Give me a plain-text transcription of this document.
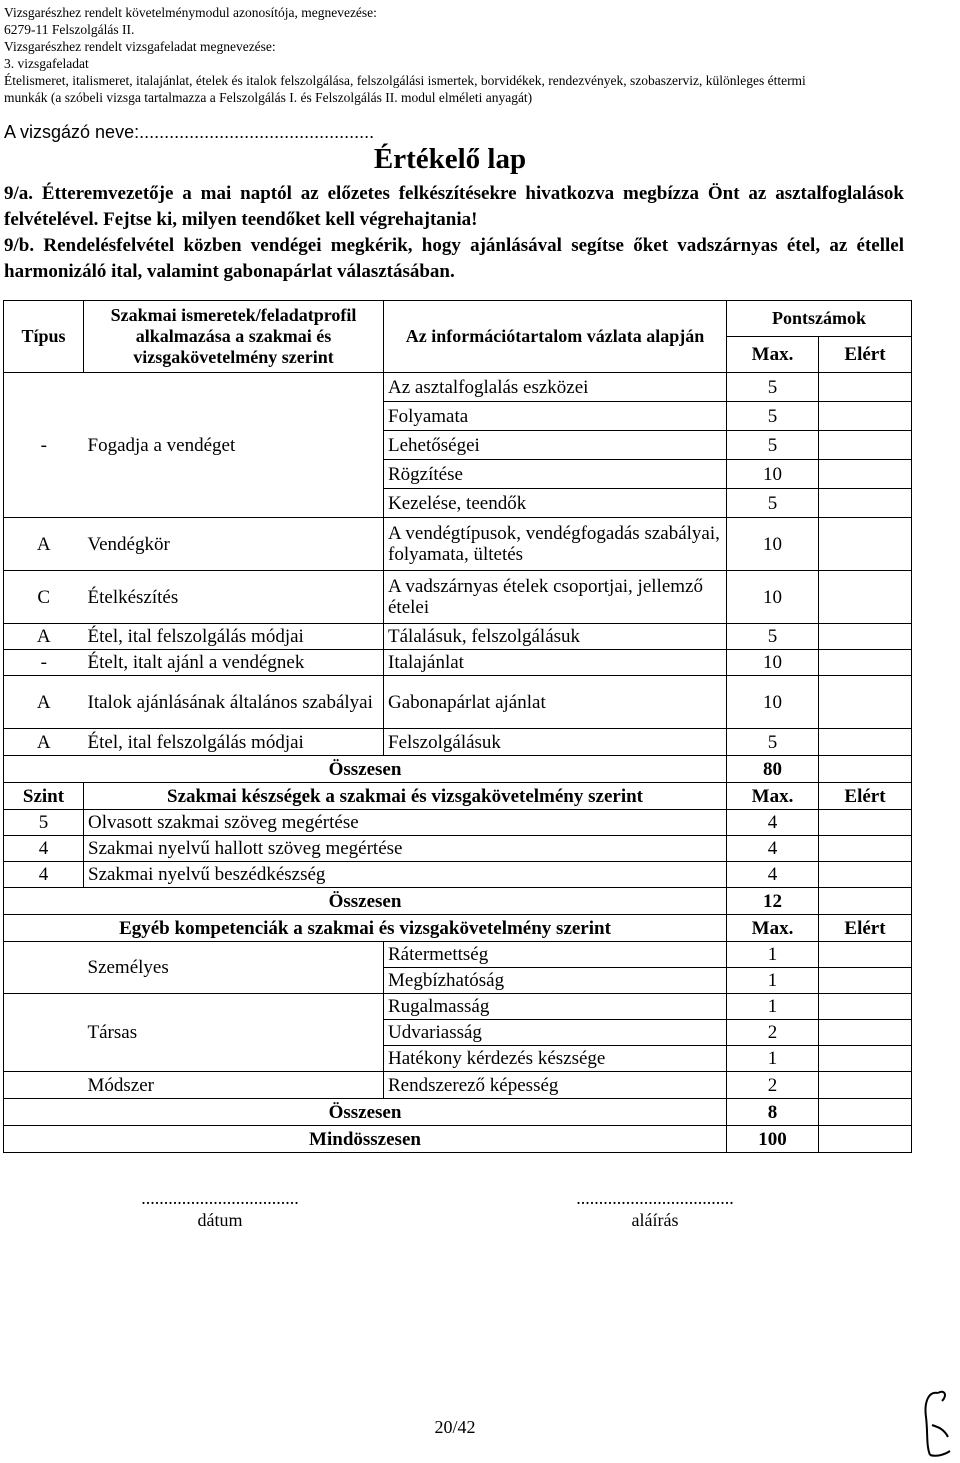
Vizsgarészhez rendelt követelménymodul azonosítója, megnevezése:
6279-11 Felszolgálás II.
Vizsgarészhez rendelt vizsgafeladat megnevezése:
3. vizsgafeladat
Ételismeret, italismeret, italajánlat, ételek és italok felszolgálása, felszolgálási ismertek, borvidékek, rendezvények, szobaszerviz, különleges éttermi
munkák (a szóbeli vizsga tartalmazza a Felszolgálás I. és Felszolgálás II. modul elméleti anyagát)
A vizsgázó neve:...............................................
Értékelő lap
9/a. Étteremvezetője a mai naptól az előzetes felkészítésekre hivatkozva megbízza Önt az asztalfoglalások felvételével. Fejtse ki, milyen teendőket kell végrehajtania!
9/b. Rendelésfelvétel közben vendégei megkérik, hogy ajánlásával segítse őket vadszárnyas étel, az étellel harmonizáló ital, valamint gabonapárlat választásában.
Típus	Szakmai ismeretek/feladatprofil alkalmazása a szakmai és vizsgakövetelmény szerint	Az információtartalom vázlata alapján	Pontszámok	
			Max.	Elért
-	Fogadja a vendéget	Az asztalfoglalás eszközei	5	
		Folyamata	5	
		Lehetőségei	5	
		Rögzítése	10	
		Kezelése, teendők	5	
A	Vendégkör	A vendégtípusok, vendégfogadás szabályai, folyamata, ültetés	10	
C	Ételkészítés	A vadszárnyas ételek csoportjai, jellemző ételei	10	
A	Étel, ital felszolgálás módjai	Tálalásuk, felszolgálásuk	5	
-	Ételt, italt ajánl a vendégnek	Italajánlat	10	
A	Italok ajánlásának általános szabályai	Gabonapárlat ajánlat	10	
A	Étel, ital felszolgálás módjai	Felszolgálásuk	5	
Összesen			80	
Szint	Szakmai készségek a szakmai és vizsgakövetelmény szerint		Max.	Elért
5	Olvasott szakmai szöveg megértése		4	
4	Szakmai nyelvű hallott szöveg megértése		4	
4	Szakmai nyelvű beszédkészség		4	
Összesen			12	
Egyéb kompetenciák a szakmai és vizsgakövetelmény szerint			Max.	Elért
	Személyes	Rátermettség	1	
		Megbízhatóság	1	
	Társas	Rugalmasság	1	
		Udvariasság	2	
		Hatékony kérdezés készsége	1	
	Módszer	Rendszerező képesség	2	
Összesen			8	
Mindösszesen			100	
...................................
dátum
...................................
aláírás
20/42
